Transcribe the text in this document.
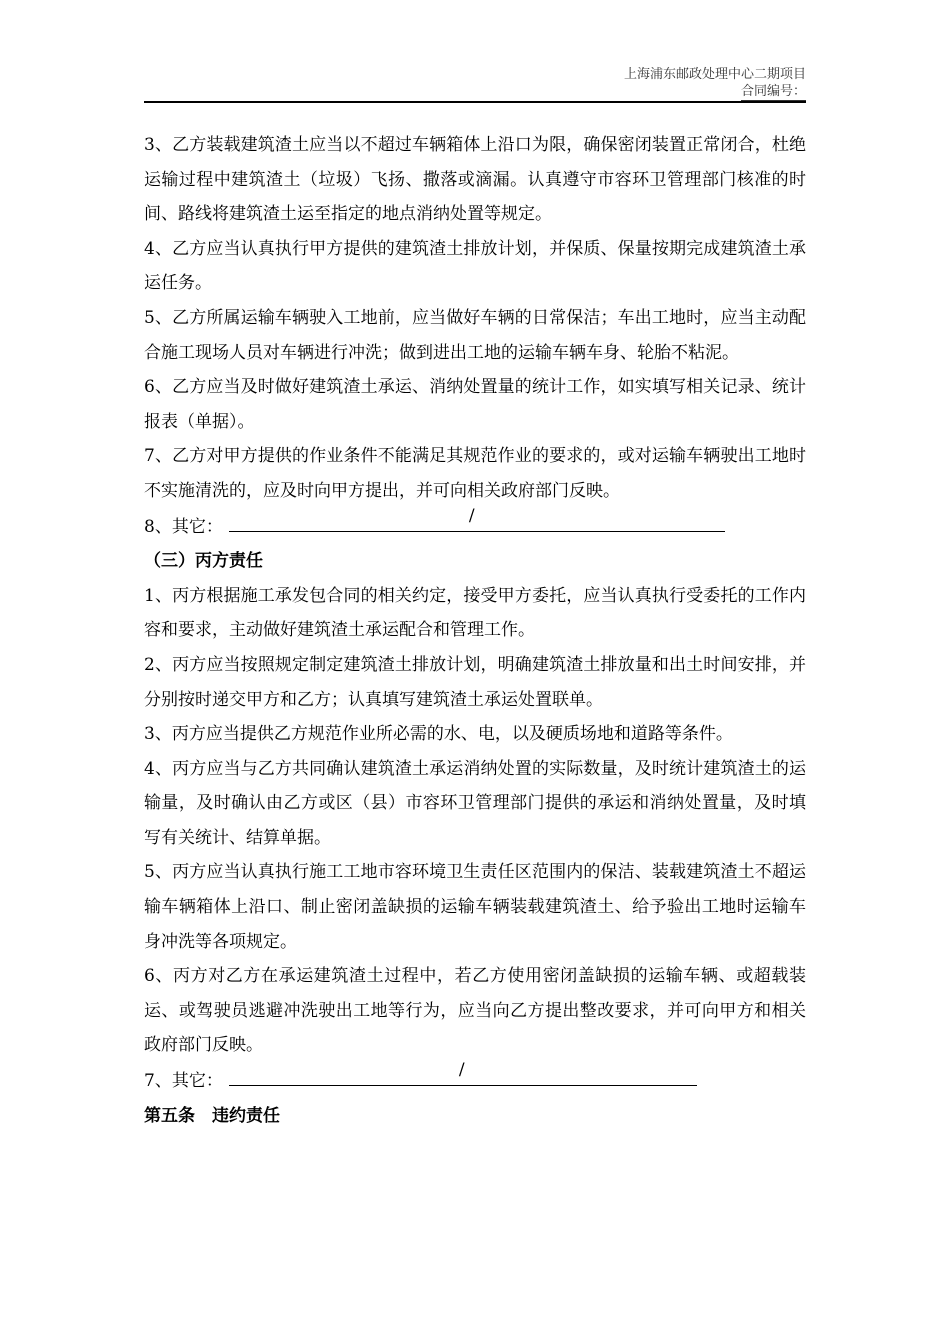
上海浦东邮政处理中心二期项目
合同编号：

3、乙方装载建筑渣土应当以不超过车辆箱体上沿口为限，确保密闭装置正常闭合，杜绝运输过程中建筑渣土（垃圾）飞扬、撒落或滴漏。认真遵守市容环卫管理部门核准的时间、路线将建筑渣土运至指定的地点消纳处置等规定。

4、乙方应当认真执行甲方提供的建筑渣土排放计划，并保质、保量按期完成建筑渣土承运任务。

5、乙方所属运输车辆驶入工地前，应当做好车辆的日常保洁；车出工地时，应当主动配合施工现场人员对车辆进行冲洗；做到进出工地的运输车辆车身、轮胎不粘泥。

6、乙方应当及时做好建筑渣土承运、消纳处置量的统计工作，如实填写相关记录、统计报表（单据）。

7、乙方对甲方提供的作业条件不能满足其规范作业的要求的，或对运输车辆驶出工地时不实施清洗的，应及时向甲方提出，并可向相关政府部门反映。

8、其它：
/

（三）丙方责任

1、丙方根据施工承发包合同的相关约定，接受甲方委托，应当认真执行受委托的工作内容和要求，主动做好建筑渣土承运配合和管理工作。

2、丙方应当按照规定制定建筑渣土排放计划，明确建筑渣土排放量和出土时间安排，并分别按时递交甲方和乙方；认真填写建筑渣土承运处置联单。

3、丙方应当提供乙方规范作业所必需的水、电，以及硬质场地和道路等条件。

4、丙方应当与乙方共同确认建筑渣土承运消纳处置的实际数量，及时统计建筑渣土的运输量，及时确认由乙方或区（县）市容环卫管理部门提供的承运和消纳处置量，及时填写有关统计、结算单据。

5、丙方应当认真执行施工工地市容环境卫生责任区范围内的保洁、装载建筑渣土不超运输车辆箱体上沿口、制止密闭盖缺损的运输车辆装载建筑渣土、给予验出工地时运输车身冲洗等各项规定。

6、丙方对乙方在承运建筑渣土过程中，若乙方使用密闭盖缺损的运输车辆、或超载装运、或驾驶员逃避冲洗驶出工地等行为，应当向乙方提出整改要求，并可向甲方和相关政府部门反映。

7、其它：
/

第五条　违约责任
